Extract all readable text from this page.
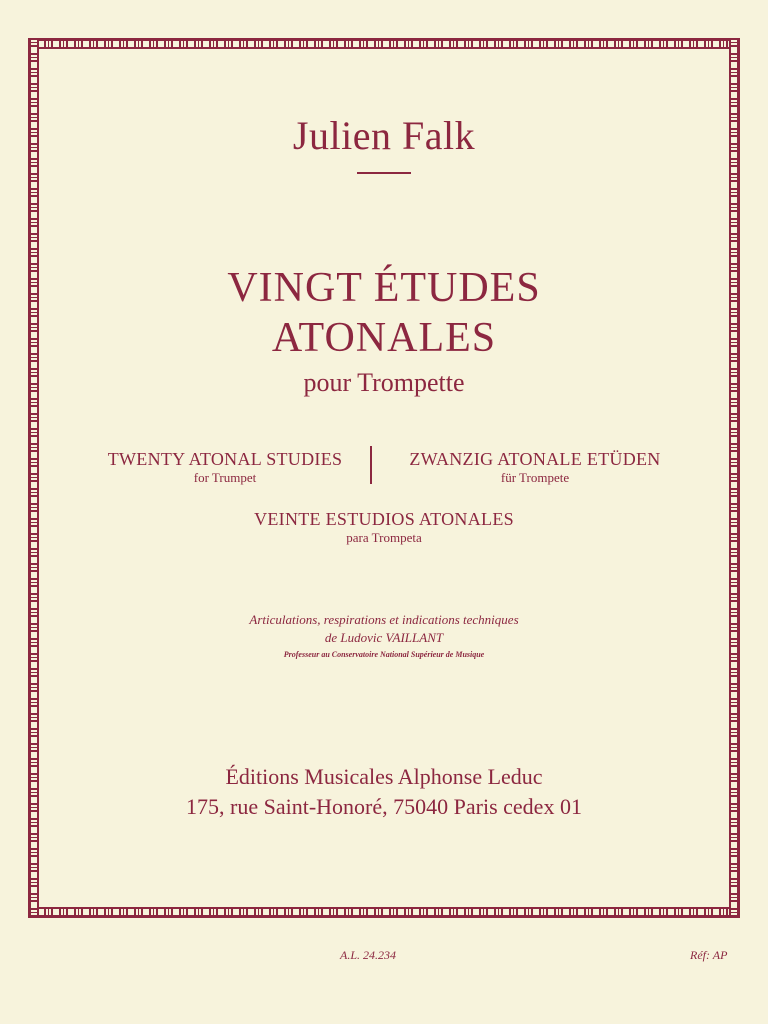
Julien Falk
VINGT ÉTUDES
ATONALES
pour Trompette
TWENTY ATONAL STUDIES
for Trumpet
ZWANZIG ATONALE ETÜDEN
für Trompete
VEINTE ESTUDIOS ATONALES
para Trompeta
Articulations, respirations et indications techniques
de Ludovic VAILLANT
Professeur au Conservatoire National Supérieur de Musique
Éditions Musicales Alphonse Leduc
175, rue Saint-Honoré, 75040 Paris cedex 01
A.L. 24.234	Réf: AP
